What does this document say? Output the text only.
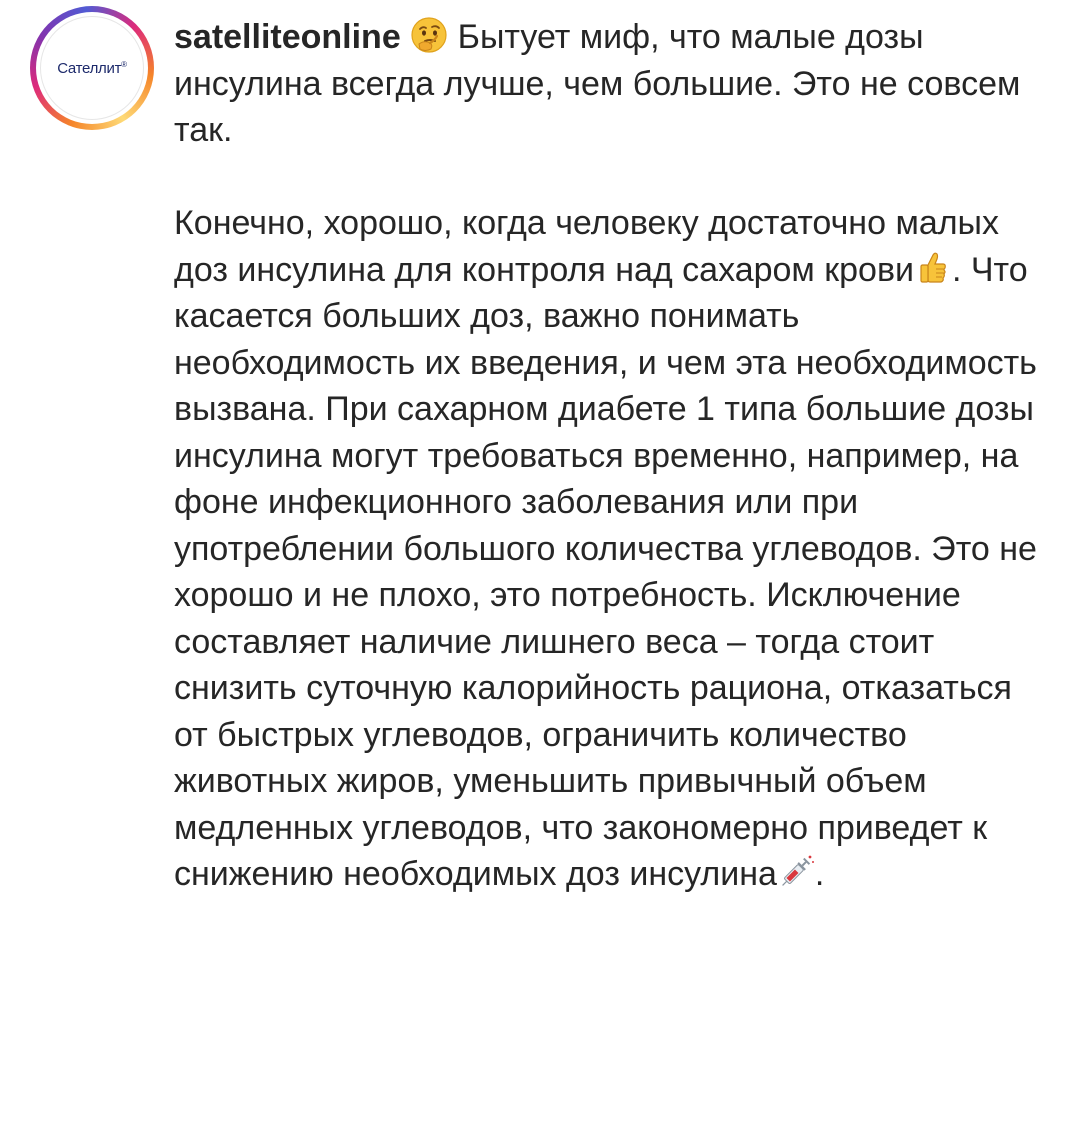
Сателлит®

satelliteonline Бытует миф, что малые дозы инсулина всегда лучше, чем большие. Это не совсем так.

Конечно, хорошо, когда человеку достаточно малых доз инсулина для контроля над сахаром крови . Что касается больших доз, важно понимать необходимость их введения, и чем эта необходимость вызвана. При сахарном диабете 1 типа большие дозы инсулина могут требоваться временно, например, на фоне инфекционного заболевания или при употреблении большого количества углеводов. Это не хорошо и не плохо, это потребность. Исключение составляет наличие лишнего веса – тогда стоит снизить суточную калорийность рациона, отказаться от быстрых углеводов, ограничить количество животных жиров, уменьшить привычный объем медленных углеводов, что закономерно приведет к снижению необходимых доз инсулина .
